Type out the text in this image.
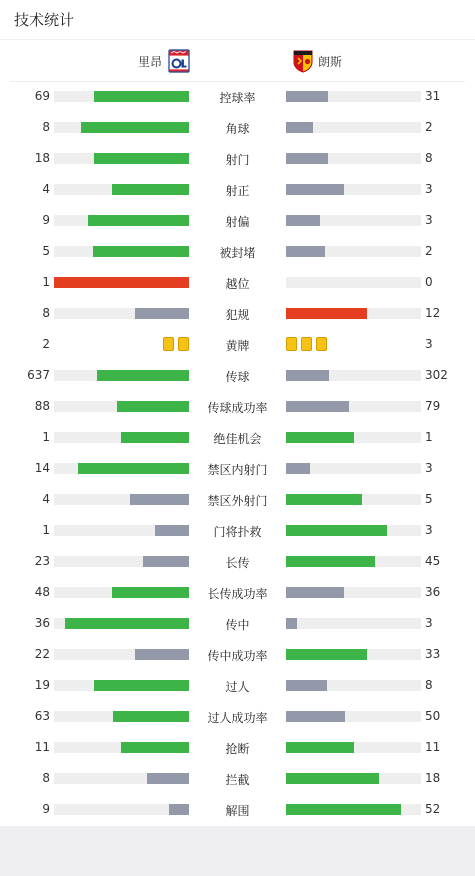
技术统计
里昂	朗斯
69	控球率	31
8	角球	2
18	射门	8
4	射正	3
9	射偏	3
5	被封堵	2
1	越位	0
8	犯规	12
2	黄牌	3
637	传球	302
88	传球成功率	79
1	绝佳机会	1
14	禁区内射门	3
4	禁区外射门	5
1	门将扑救	3
23	长传	45
48	长传成功率	36
36	传中	3
22	传中成功率	33
19	过人	8
63	过人成功率	50
11	抢断	11
8	拦截	18
9	解围	52
